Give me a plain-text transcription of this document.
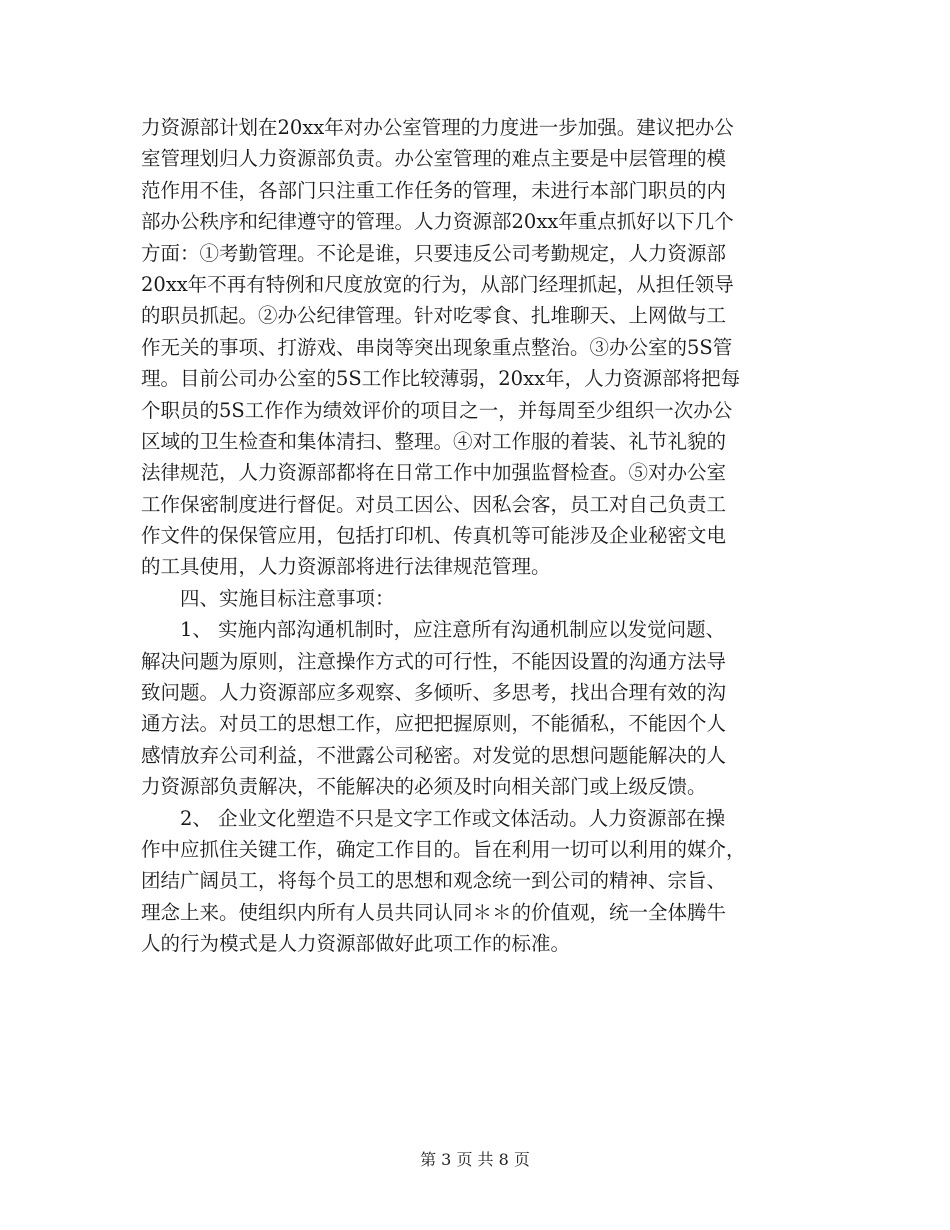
力资源部计划在20xx年对办公室管理的力度进一步加强。建议把办公
室管理划归人力资源部负责。办公室管理的难点主要是中层管理的模
范作用不佳，各部门只注重工作任务的管理，未进行本部门职员的内
部办公秩序和纪律遵守的管理。人力资源部20xx年重点抓好以下几个
方面：①考勤管理。不论是谁，只要违反公司考勤规定，人力资源部
20xx年不再有特例和尺度放宽的行为，从部门经理抓起，从担任领导
的职员抓起。②办公纪律管理。针对吃零食、扎堆聊天、上网做与工
作无关的事项、打游戏、串岗等突出现象重点整治。③办公室的5S管
理。目前公司办公室的5S工作比较薄弱，20xx年，人力资源部将把每
个职员的5S工作作为绩效评价的项目之一，并每周至少组织一次办公
区域的卫生检查和集体清扫、整理。④对工作服的着装、礼节礼貌的
法律规范，人力资源部都将在日常工作中加强监督检查。⑤对办公室
工作保密制度进行督促。对员工因公、因私会客，员工对自己负责工
作文件的保保管应用，包括打印机、传真机等可能涉及企业秘密文电
的工具使用，人力资源部将进行法律规范管理。
　　四、实施目标注意事项：
　　1、 实施内部沟通机制时，应注意所有沟通机制应以发觉问题、
解决问题为原则，注意操作方式的可行性，不能因设置的沟通方法导
致问题。人力资源部应多观察、多倾听、多思考，找出合理有效的沟
通方法。对员工的思想工作，应把把握原则，不能循私，不能因个人
感情放弃公司利益，不泄露公司秘密。对发觉的思想问题能解决的人
力资源部负责解决，不能解决的必须及时向相关部门或上级反馈。
　　2、 企业文化塑造不只是文字工作或文体活动。人力资源部在操
作中应抓住关键工作，确定工作目的。旨在利用一切可以利用的媒介，
团结广阔员工，将每个员工的思想和观念统一到公司的精神、宗旨、
理念上来。使组织内所有人员共同认同＊＊的价值观，统一全体腾牛
人的行为模式是人力资源部做好此项工作的标准。
第 3 页 共 8 页
